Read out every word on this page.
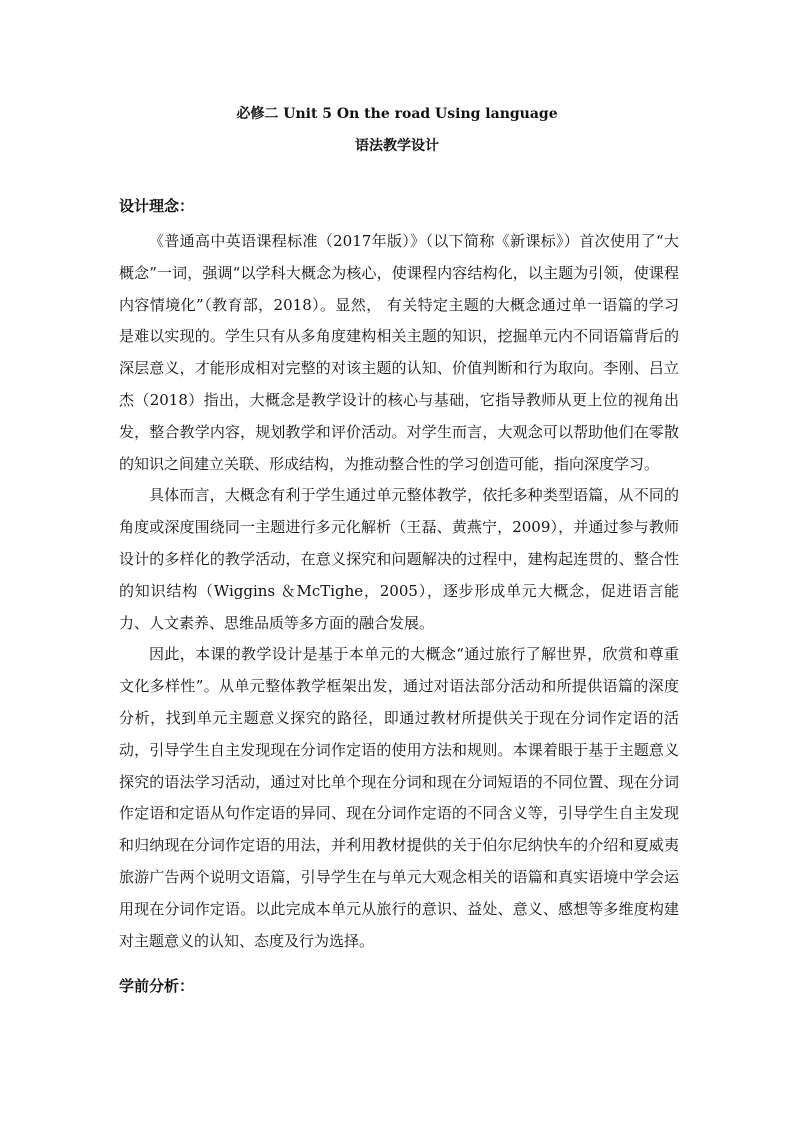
必修二 Unit 5 On the road Using language
语法教学设计
设计理念：

《普通高中英语课程标准（2017年版）》（以下简称《新课标》）首次使用了“大概念”一词，强调“以学科大概念为核心，使课程内容结构化，以主题为引领，使课程内容情境化”（教育部，2018）。显然， 有关特定主题的大概念通过单一语篇的学习是难以实现的。学生只有从多角度建构相关主题的知识，挖掘单元内不同语篇背后的深层意义，才能形成相对完整的对该主题的认知、价值判断和行为取向。李刚、吕立杰（2018）指出，大概念是教学设计的核心与基础，它指导教师从更上位的视角出发，整合教学内容，规划教学和评价活动。对学生而言，大观念可以帮助他们在零散的知识之间建立关联、形成结构，为推动整合性的学习创造可能，指向深度学习。

具体而言，大概念有利于学生通过单元整体教学，依托多种类型语篇，从不同的角度或深度围绕同一主题进行多元化解析（王磊、黄燕宁，2009），并通过参与教师设计的多样化的教学活动，在意义探究和问题解决的过程中，建构起连贯的、整合性的知识结构（Wiggins ＆McTighe，2005），逐步形成单元大概念，促进语言能力、人文素养、思维品质等多方面的融合发展。

因此，本课的教学设计是基于本单元的大概念“通过旅行了解世界，欣赏和尊重文化多样性”。从单元整体教学框架出发，通过对语法部分活动和所提供语篇的深度分析，找到单元主题意义探究的路径，即通过教材所提供关于现在分词作定语的活动，引导学生自主发现现在分词作定语的使用方法和规则。本课着眼于基于主题意义探究的语法学习活动，通过对比单个现在分词和现在分词短语的不同位置、现在分词作定语和定语从句作定语的异同、现在分词作定语的不同含义等，引导学生自主发现和归纳现在分词作定语的用法，并利用教材提供的关于伯尔尼纳快车的介绍和夏威夷旅游广告两个说明文语篇，引导学生在与单元大观念相关的语篇和真实语境中学会运用现在分词作定语。以此完成本单元从旅行的意识、益处、意义、感想等多维度构建对主题意义的认知、态度及行为选择。

学前分析：
